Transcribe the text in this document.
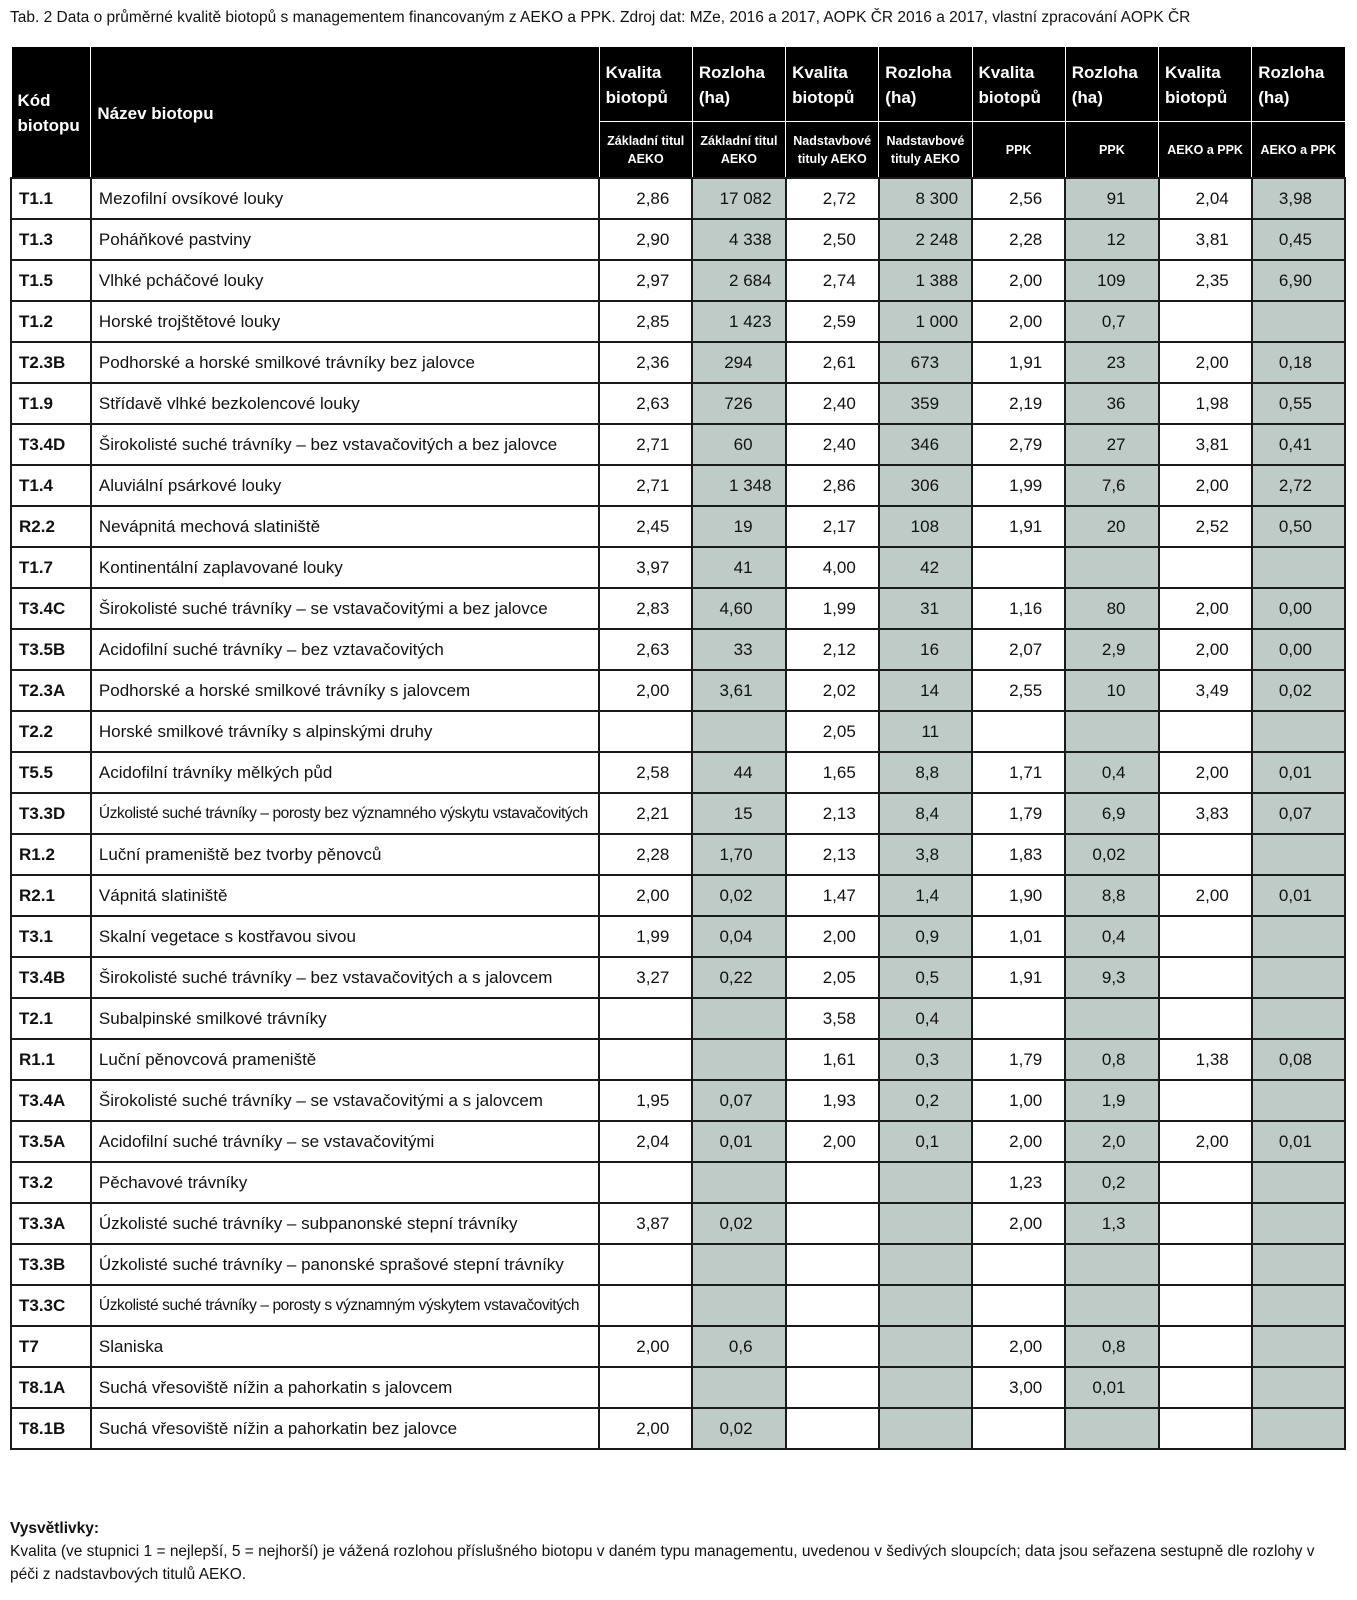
Tab. 2 Data o průměrné kvalitě biotopů s managementem financovaným z AEKO a PPK. Zdroj dat: MZe, 2016 a 2017, AOPK ČR 2016 a 2017, vlastní zpracování AOPK ČR
Kód biotopu	Název biotopu	Kvalita biotopů	Rozloha (ha)	Kvalita biotopů	Rozloha (ha)	Kvalita biotopů	Rozloha (ha)	Kvalita biotopů	Rozloha (ha)
		Základní titul AEKO	Základní titul AEKO	Nadstavbové tituly AEKO	Nadstavbové tituly AEKO	PPK	PPK	AEKO a PPK	AEKO a PPK
T1.1	Mezofilní ovsíkové louky	2,86	17 082	2,72	8 300	2,56	91	2,04	3,98
T1.3	Poháňkové pastviny	2,90	4 338	2,50	2 248	2,28	12	3,81	0,45
T1.5	Vlhké pcháčové louky	2,97	2 684	2,74	1 388	2,00	109	2,35	6,90
T1.2	Horské trojštětové louky	2,85	1 423	2,59	1 000	2,00	0,7		
T2.3B	Podhorské a horské smilkové trávníky bez jalovce	2,36	294	2,61	673	1,91	23	2,00	0,18
T1.9	Střídavě vlhké bezkolencové louky	2,63	726	2,40	359	2,19	36	1,98	0,55
T3.4D	Širokolisté suché trávníky – bez vstavačovitých a bez jalovce	2,71	60	2,40	346	2,79	27	3,81	0,41
T1.4	Aluviální psárkové louky	2,71	1 348	2,86	306	1,99	7,6	2,00	2,72
R2.2	Nevápnitá mechová slatiniště	2,45	19	2,17	108	1,91	20	2,52	0,50
T1.7	Kontinentální zaplavované louky	3,97	41	4,00	42				
T3.4C	Širokolisté suché trávníky – se vstavačovitými a bez jalovce	2,83	4,60	1,99	31	1,16	80	2,00	0,00
T3.5B	Acidofilní suché trávníky – bez vztavačovitých	2,63	33	2,12	16	2,07	2,9	2,00	0,00
T2.3A	Podhorské a horské smilkové trávníky s jalovcem	2,00	3,61	2,02	14	2,55	10	3,49	0,02
T2.2	Horské smilkové trávníky s alpinskými druhy			2,05	11				
T5.5	Acidofilní trávníky mělkých půd	2,58	44	1,65	8,8	1,71	0,4	2,00	0,01
T3.3D	Úzkolisté suché trávníky – porosty bez významného výskytu vstavačovitých	2,21	15	2,13	8,4	1,79	6,9	3,83	0,07
R1.2	Luční prameniště bez tvorby pěnovců	2,28	1,70	2,13	3,8	1,83	0,02		
R2.1	Vápnitá slatiniště	2,00	0,02	1,47	1,4	1,90	8,8	2,00	0,01
T3.1	Skalní vegetace s kostřavou sivou	1,99	0,04	2,00	0,9	1,01	0,4		
T3.4B	Širokolisté suché trávníky – bez vstavačovitých a s jalovcem	3,27	0,22	2,05	0,5	1,91	9,3		
T2.1	Subalpinské smilkové trávníky			3,58	0,4				
R1.1	Luční pěnovcová prameniště			1,61	0,3	1,79	0,8	1,38	0,08
T3.4A	Širokolisté suché trávníky – se vstavačovitými a s jalovcem	1,95	0,07	1,93	0,2	1,00	1,9		
T3.5A	Acidofilní suché trávníky – se vstavačovitými	2,04	0,01	2,00	0,1	2,00	2,0	2,00	0,01
T3.2	Pěchavové trávníky					1,23	0,2		
T3.3A	Úzkolisté suché trávníky – subpanonské stepní trávníky	3,87	0,02			2,00	1,3		
T3.3B	Úzkolisté suché trávníky – panonské sprašové stepní trávníky								
T3.3C	Úzkolisté suché trávníky – porosty s významným výskytem vstavačovitých								
T7	Slaniska	2,00	0,6			2,00	0,8		
T8.1A	Suchá vřesoviště nížin a pahorkatin s jalovcem					3,00	0,01		
T8.1B	Suchá vřesoviště nížin a pahorkatin bez jalovce	2,00	0,02						
Vysvětlivky:
Kvalita (ve stupnici 1 = nejlepší, 5 = nejhorší) je vážená rozlohou příslušného biotopu v daném typu managementu, uvedenou v šedivých sloupcích; data jsou seřazena sestupně dle rozlohy v péči z nadstavbových titulů AEKO.
